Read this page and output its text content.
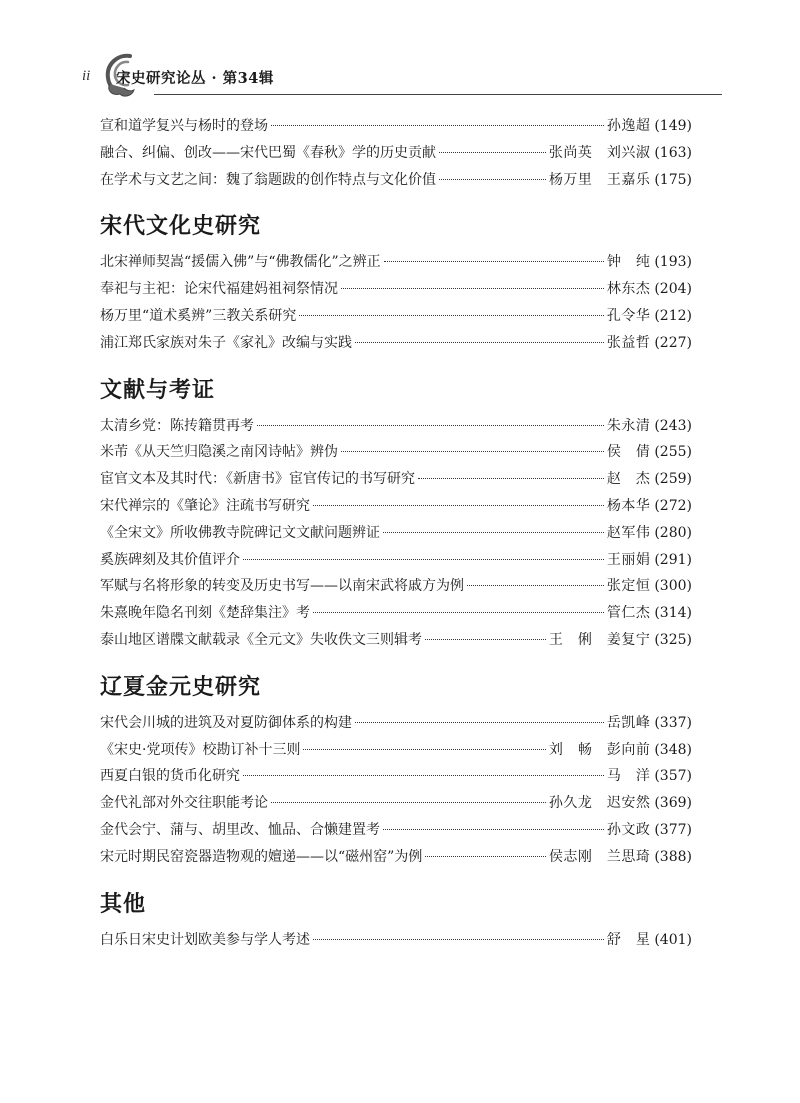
ii 宋史研究论丛 · 第34辑
宣和道学复兴与杨时的登场	孙逸超 (149)
融合、纠偏、创改——宋代巴蜀《春秋》学的历史贡献	张尚英　刘兴淑 (163)
在学术与文艺之间：魏了翁题跋的创作特点与文化价值	杨万里　王嘉乐 (175)
宋代文化史研究
北宋禅师契嵩“援儒入佛”与“佛教儒化”之辨正	钟　纯 (193)
奉祀与主祀：论宋代福建妈祖祠祭情况	林东杰 (204)
杨万里“道术奚辨”三教关系研究	孔令华 (212)
浦江郑氏家族对朱子《家礼》改编与实践	张益哲 (227)
文献与考证
太清乡党：陈抟籍贯再考	朱永清 (243)
米芾《从天竺归隐溪之南冈诗帖》辨伪	侯　倩 (255)
宦官文本及其时代：《新唐书》宦官传记的书写研究	赵　杰 (259)
宋代禅宗的《肇论》注疏书写研究	杨本华 (272)
《全宋文》所收佛教寺院碑记文文献问题辨证	赵军伟 (280)
奚族碑刻及其价值评介	王丽娟 (291)
军赋与名将形象的转变及历史书写——以南宋武将戚方为例	张定恒 (300)
朱熹晚年隐名刊刻《楚辞集注》考	管仁杰 (314)
泰山地区谱牒文献载录《全元文》失收佚文三则辑考	王　俐　姜复宁 (325)
辽夏金元史研究
宋代会川城的进筑及对夏防御体系的构建	岳凯峰 (337)
《宋史·党项传》校勘订补十三则	刘　畅　彭向前 (348)
西夏白银的货币化研究	马　洋 (357)
金代礼部对外交往职能考论	孙久龙　迟安然 (369)
金代会宁、蒲与、胡里改、恤品、合懒建置考	孙文政 (377)
宋元时期民窑瓷器造物观的嬗递——以“磁州窑”为例	侯志刚　兰思琦 (388)
其他
白乐日宋史计划欧美参与学人考述	舒　星 (401)
